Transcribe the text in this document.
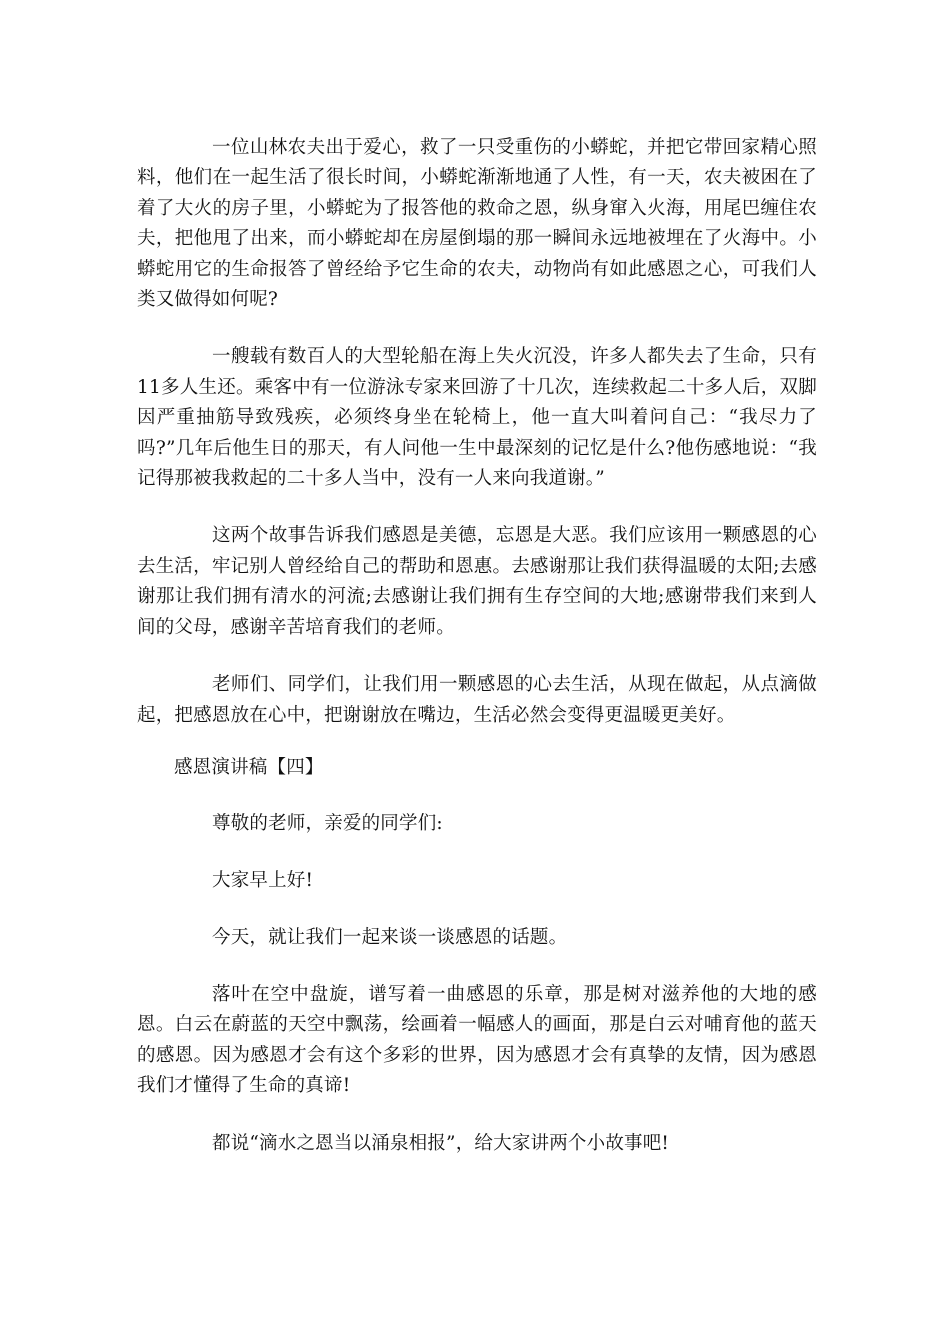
一位山林农夫出于爱心，救了一只受重伤的小蟒蛇，并把它带回家精心照料，他们在一起生活了很长时间，小蟒蛇渐渐地通了人性，有一天，农夫被困在了着了大火的房子里，小蟒蛇为了报答他的救命之恩，纵身窜入火海，用尾巴缠住农夫，把他甩了出来，而小蟒蛇却在房屋倒塌的那一瞬间永远地被埋在了火海中。小蟒蛇用它的生命报答了曾经给予它生命的农夫，动物尚有如此感恩之心，可我们人类又做得如何呢?

一艘载有数百人的大型轮船在海上失火沉没，许多人都失去了生命，只有11多人生还。乘客中有一位游泳专家来回游了十几次，连续救起二十多人后，双脚因严重抽筋导致残疾，必须终身坐在轮椅上，他一直大叫着问自己：“我尽力了吗?”几年后他生日的那天，有人问他一生中最深刻的记忆是什么?他伤感地说：“我记得那被我救起的二十多人当中，没有一人来向我道谢。”

这两个故事告诉我们感恩是美德，忘恩是大恶。我们应该用一颗感恩的心去生活，牢记别人曾经给自己的帮助和恩惠。去感谢那让我们获得温暖的太阳;去感谢那让我们拥有清水的河流;去感谢让我们拥有生存空间的大地;感谢带我们来到人间的父母，感谢辛苦培育我们的老师。

老师们、同学们，让我们用一颗感恩的心去生活，从现在做起，从点滴做起，把感恩放在心中，把谢谢放在嘴边，生活必然会变得更温暖更美好。

感恩演讲稿【四】

尊敬的老师，亲爱的同学们:

大家早上好!

今天，就让我们一起来谈一谈感恩的话题。

落叶在空中盘旋，谱写着一曲感恩的乐章，那是树对滋养他的大地的感恩。白云在蔚蓝的天空中飘荡，绘画着一幅感人的画面，那是白云对哺育他的蓝天的感恩。因为感恩才会有这个多彩的世界，因为感恩才会有真挚的友情，因为感恩我们才懂得了生命的真谛!

都说“滴水之恩当以涌泉相报”，给大家讲两个小故事吧!
